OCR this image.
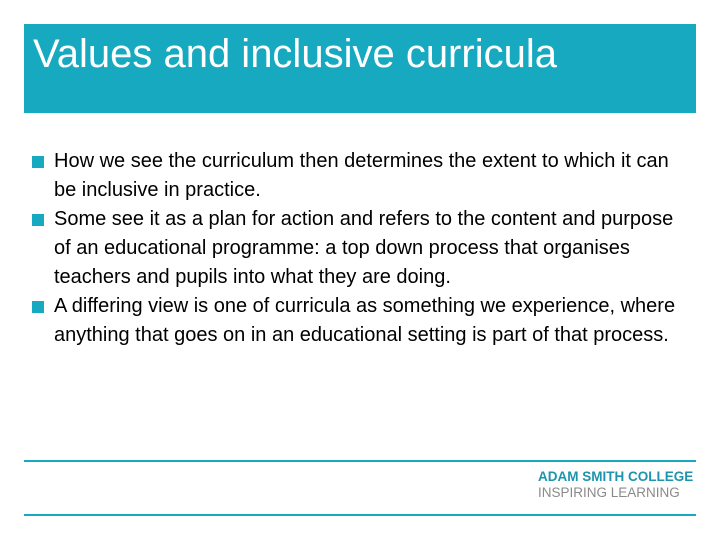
Values and inclusive curricula
How we see the curriculum then determines the extent to which it can be inclusive in practice.
Some see it as a plan for action and refers to the content and purpose of an educational programme: a top down process that organises teachers and pupils into what they are doing.
A differing view is one of curricula as something we experience, where anything that goes on in an educational setting is part of that process.
ADAM SMITH COLLEGE
INSPIRING LEARNING
